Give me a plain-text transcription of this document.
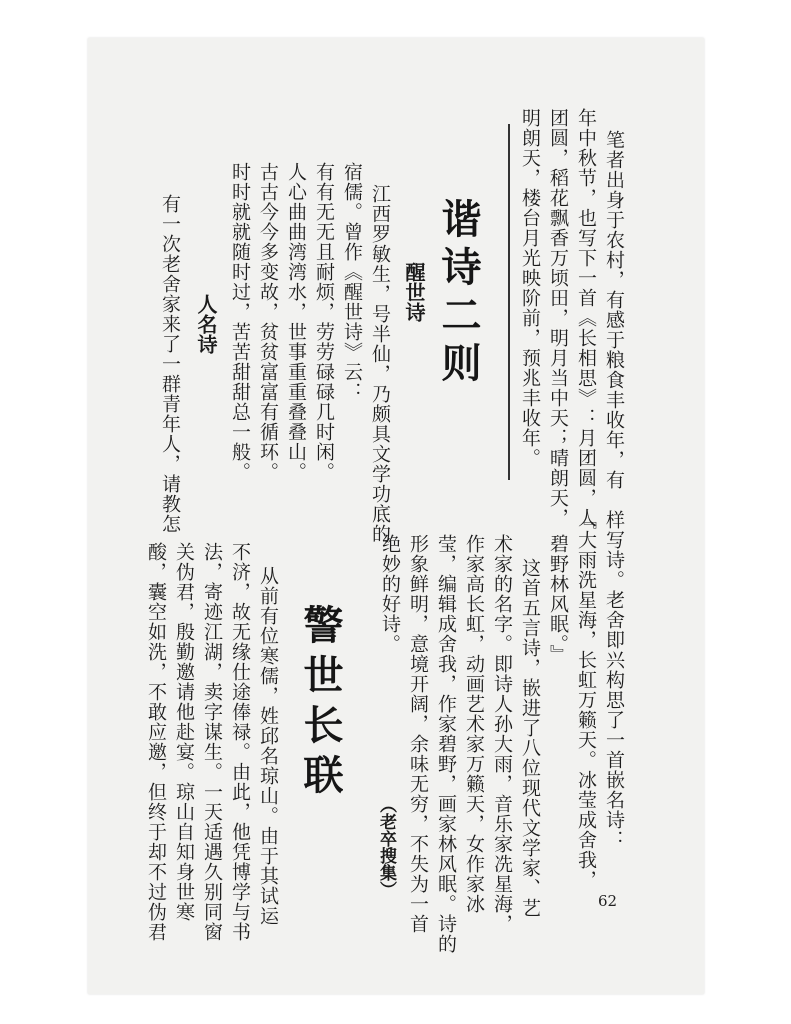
笔者出身于农村，有感于粮食丰收年，有
年中秋节，也写下一首《长相思》：月团圆，人
团圆，稻花飘香万顷田，明月当中天；晴朗天，
明朗天，楼台月光映阶前，预兆丰收年。
谐诗二则
醒世诗
江西罗敏生，号半仙，乃颇具文学功底的
宿儒。曾作《醒世诗》云：
有有无无且耐烦，劳劳碌碌几时闲。
人心曲曲湾湾水，世事重重叠叠山。
古古今今多变故，贫贫富富有循环。
时时就就随时过，苦苦甜甜总一般。
人名诗
有一次老舍家来了一群青年人，请教怎
样写诗。老舍即兴构思了一首嵌名诗：
『大雨洗星海，长虹万籁天。冰莹成舍我，
碧野林风眠。』
这首五言诗，嵌进了八位现代文学家、艺
术家的名字。即诗人孙大雨，音乐家冼星海，
作家高长虹，动画艺术家万籁天，女作家冰
莹，编辑成舍我，作家碧野，画家林风眠。诗的
形象鲜明，意境开阔，余味无穷，不失为一首
绝妙的好诗。
（老卒搜集）
警世长联
从前有位寒儒，姓邱名琼山。由于其试运
不济，故无缘仕途俸禄。由此，他凭博学与书
法，寄迹江湖，卖字谋生。一天适遇久别同窗
关伪君，殷勤邀请他赴宴。琼山自知身世寒
酸，囊空如洗，不敢应邀，但终于却不过伪君	62
